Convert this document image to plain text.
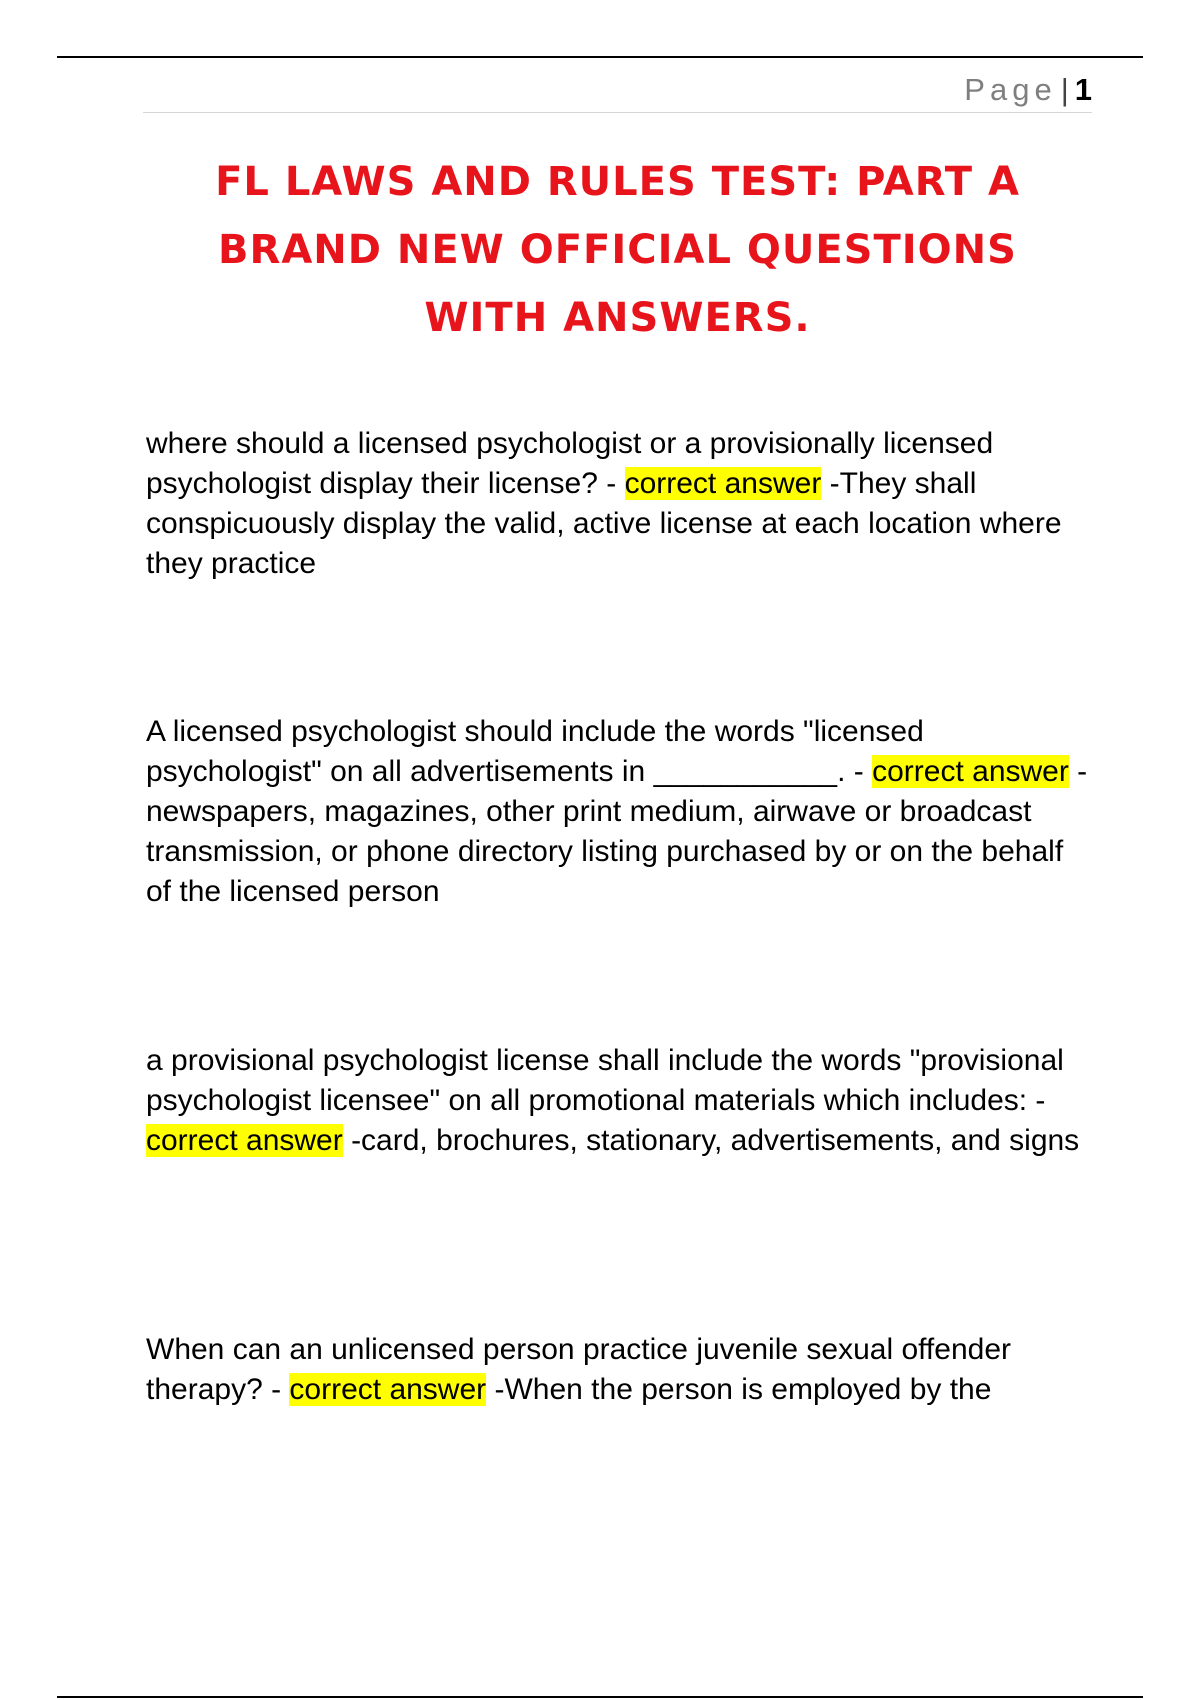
Page | 1
FL LAWS AND RULES TEST: PART A
BRAND NEW OFFICIAL QUESTIONS
WITH ANSWERS.

where should a licensed psychologist or a provisionally licensed psychologist display their license? - correct answer -They shall conspicuously display the valid, active license at each location where they practice

A licensed psychologist should include the words "licensed psychologist" on all advertisements in ___________. - correct answer -newspapers, magazines, other print medium, airwave or broadcast transmission, or phone directory listing purchased by or on the behalf of the licensed person

a provisional psychologist license shall include the words "provisional psychologist licensee" on all promotional materials which includes: - correct answer -card, brochures, stationary, advertisements, and signs

When can an unlicensed person practice juvenile sexual offender therapy? - correct answer -When the person is employed by the
